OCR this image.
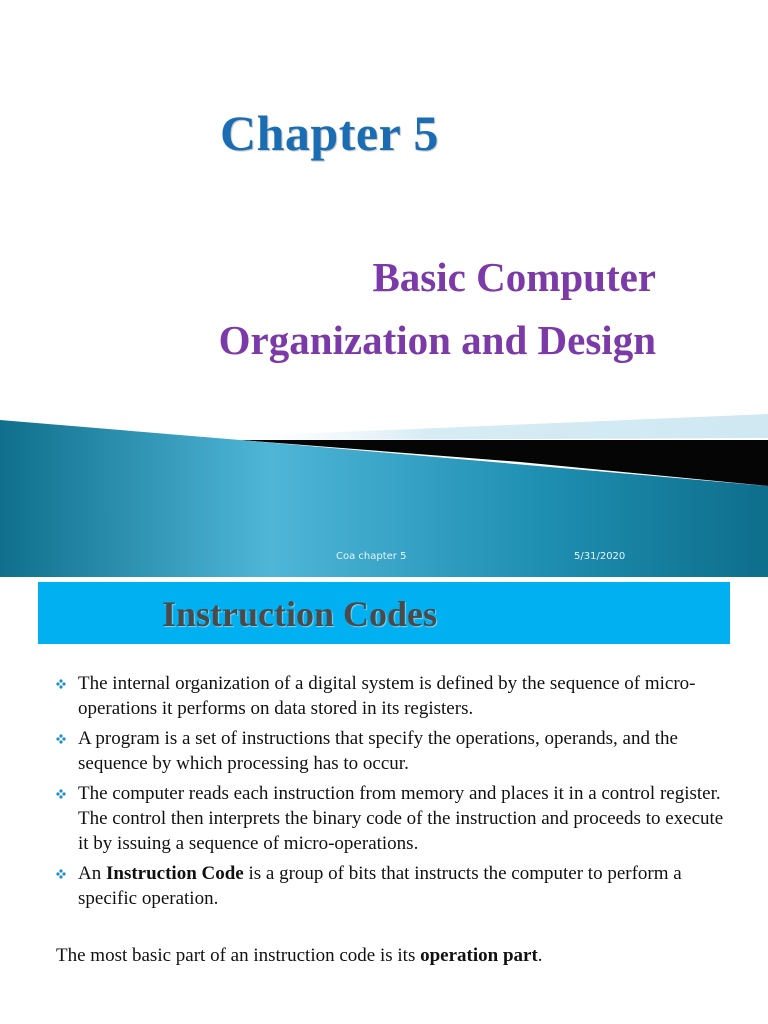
Chapter 5
Basic Computer
Organization and Design
Coa chapter 5	5/31/2020
Instruction Codes
The internal organization of a digital system is defined by the sequence of micro-operations it performs on data stored in its registers.
A program is a set of instructions that specify the operations, operands, and the sequence by which processing has to occur.
The computer reads each instruction from memory and places it in a control register. The control then interprets the binary code of the instruction and proceeds to execute it by issuing a sequence of micro-operations.
An Instruction Code is a group of bits that instructs the computer to perform a specific operation.
The most basic part of an instruction code is its operation part.
